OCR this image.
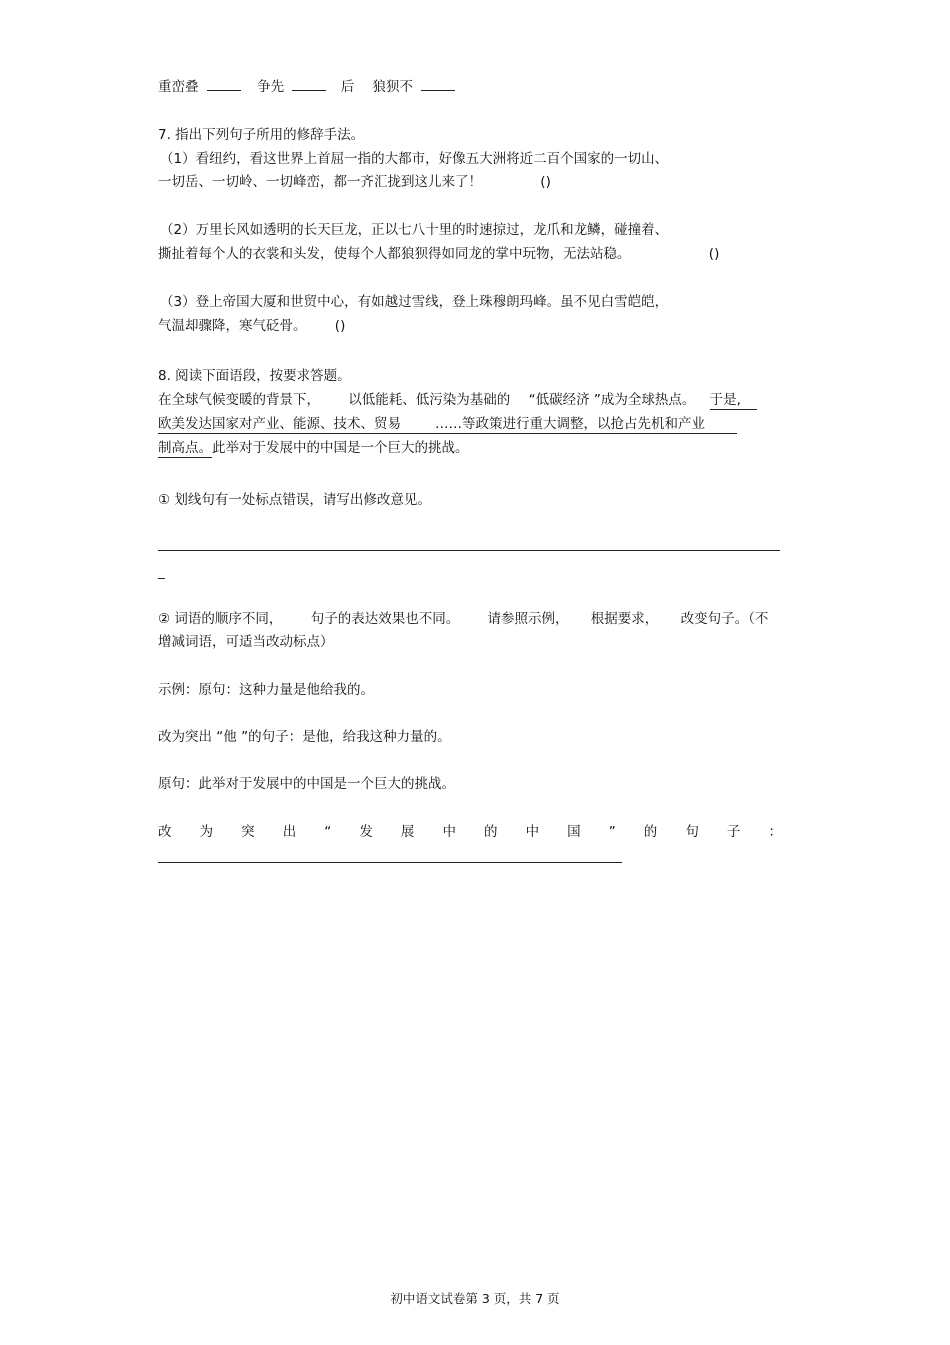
重峦叠	争先	后 狼狈不
7. 指出下列句子所用的修辞手法。
（1）看纽约，看这世界上首屈一指的大都市，好像五大洲将近二百个国家的一切山、
一切岳、一切岭、一切峰峦，都一齐汇拢到这儿来了！	()
（2）万里长风如透明的长天巨龙，正以七八十里的时速掠过，龙爪和龙鳞，碰撞着、
撕扯着每个人的衣裳和头发，使每个人都狼狈得如同龙的掌中玩物，无法站稳。	()
（3）登上帝国大厦和世贸中心，有如越过雪线，登上珠穆朗玛峰。虽不见白雪皑皑，
气温却骤降，寒气砭骨。 ()
8. 阅读下面语段，按要求答题。
在全球气候变暖的背景下， 以低能耗、低污染为基础的 “低碳经济 ”成为全球热点。 于是,
欧美发达国家对产业、能源、技术、贸易	……等政策进行重大调整，以抢占先机和产业
制高点。此举对于发展中的中国是一个巨大的挑战。
① 划线句有一处标点错误，请写出修改意见。
_
② 词语的顺序不同， 句子的表达效果也不同。 请参照示例， 根据要求， 改变句子。（不
增减词语，可适当改动标点）
示例：原句：这种力量是他给我的。
改为突出 “他 ”的句子：是他，给我这种力量的。
原句：此举对于发展中的中国是一个巨大的挑战。
改 为 突 出 “ 发 展 中 的 中 国 ” 的 句 子 ：
初中语文试卷第 3 页，共 7 页
